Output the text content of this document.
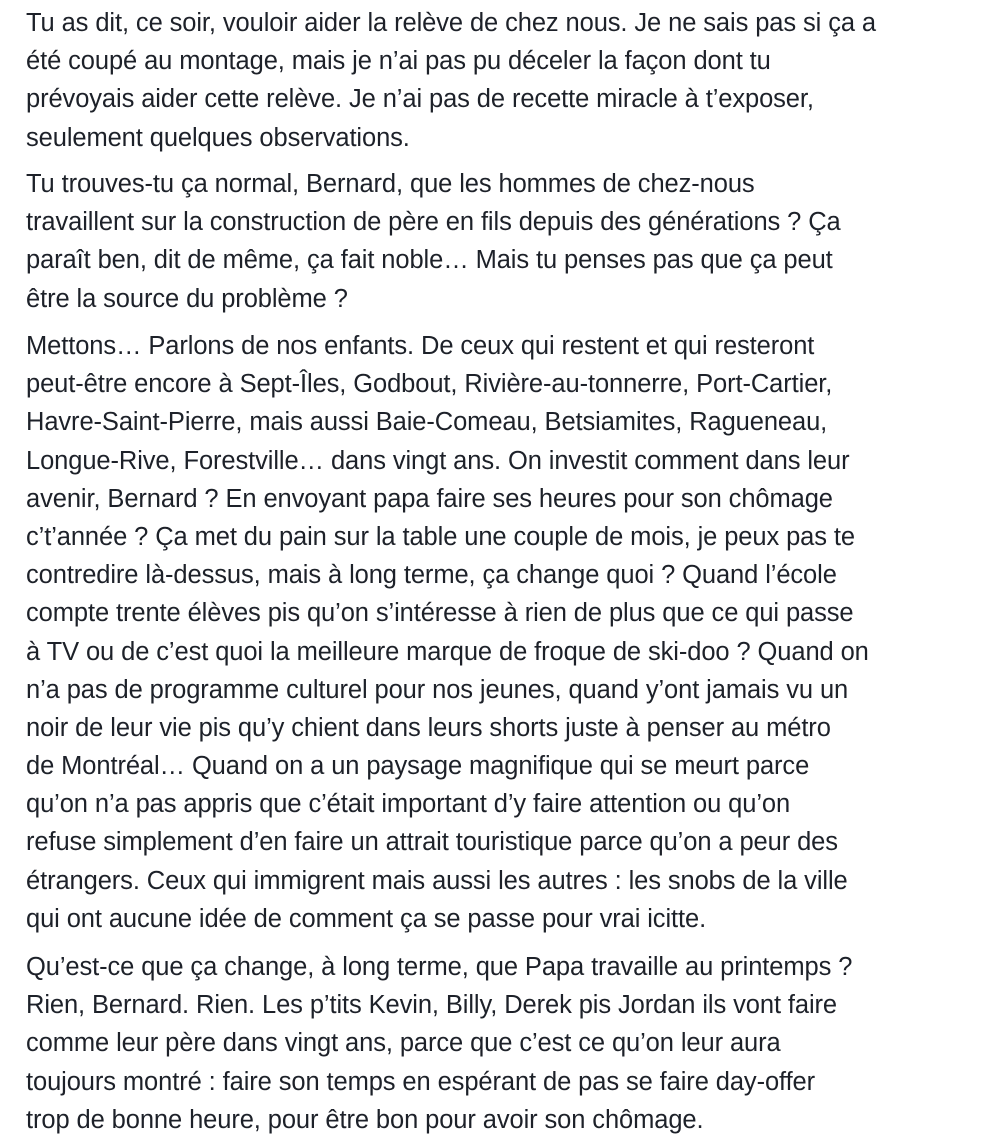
Tu as dit, ce soir, vouloir aider la relève de chez nous. Je ne sais pas si ça a
été coupé au montage, mais je n’ai pas pu déceler la façon dont tu
prévoyais aider cette relève. Je n’ai pas de recette miracle à t’exposer,
seulement quelques observations.

Tu trouves-tu ça normal, Bernard, que les hommes de chez-nous
travaillent sur la construction de père en fils depuis des générations ? Ça
paraît ben, dit de même, ça fait noble… Mais tu penses pas que ça peut
être la source du problème ?

Mettons… Parlons de nos enfants. De ceux qui restent et qui resteront
peut-être encore à Sept-Îles, Godbout, Rivière-au-tonnerre, Port-Cartier,
Havre-Saint-Pierre, mais aussi Baie-Comeau, Betsiamites, Ragueneau,
Longue-Rive, Forestville… dans vingt ans. On investit comment dans leur
avenir, Bernard ? En envoyant papa faire ses heures pour son chômage
c’t’année ? Ça met du pain sur la table une couple de mois, je peux pas te
contredire là-dessus, mais à long terme, ça change quoi ? Quand l’école
compte trente élèves pis qu’on s’intéresse à rien de plus que ce qui passe
à TV ou de c’est quoi la meilleure marque de froque de ski-doo ? Quand on
n’a pas de programme culturel pour nos jeunes, quand y’ont jamais vu un
noir de leur vie pis qu’y chient dans leurs shorts juste à penser au métro
de Montréal… Quand on a un paysage magnifique qui se meurt parce
qu’on n’a pas appris que c’était important d’y faire attention ou qu’on
refuse simplement d’en faire un attrait touristique parce qu’on a peur des
étrangers. Ceux qui immigrent mais aussi les autres : les snobs de la ville
qui ont aucune idée de comment ça se passe pour vrai icitte.

Qu’est-ce que ça change, à long terme, que Papa travaille au printemps ?
Rien, Bernard. Rien. Les p’tits Kevin, Billy, Derek pis Jordan ils vont faire
comme leur père dans vingt ans, parce que c’est ce qu’on leur aura
toujours montré : faire son temps en espérant de pas se faire day-offer
trop de bonne heure, pour être bon pour avoir son chômage.
